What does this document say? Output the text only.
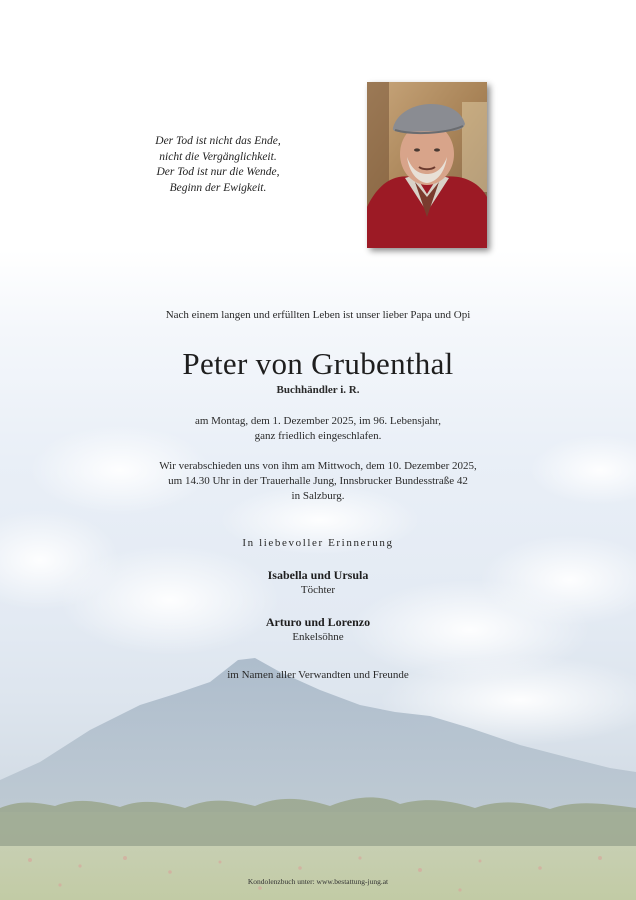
Der Tod ist nicht das Ende,
nicht die Vergänglichkeit.
Der Tod ist nur die Wende,
Beginn der Ewigkeit.
Nach einem langen und erfüllten Leben ist unser lieber Papa und Opi
Peter von Grubenthal
Buchhändler i. R.
am Montag, dem 1. Dezember 2025, im 96. Lebensjahr,
ganz friedlich eingeschlafen.
Wir verabschieden uns von ihm am Mittwoch, dem 10. Dezember 2025,
um 14.30 Uhr in der Trauerhalle Jung, Innsbrucker Bundesstraße 42
in Salzburg.
In liebevoller Erinnerung
Isabella und Ursula
Töchter
Arturo und Lorenzo
Enkelsöhne
im Namen aller Verwandten und Freunde
Kondolenzbuch unter: www.bestattung-jung.at
